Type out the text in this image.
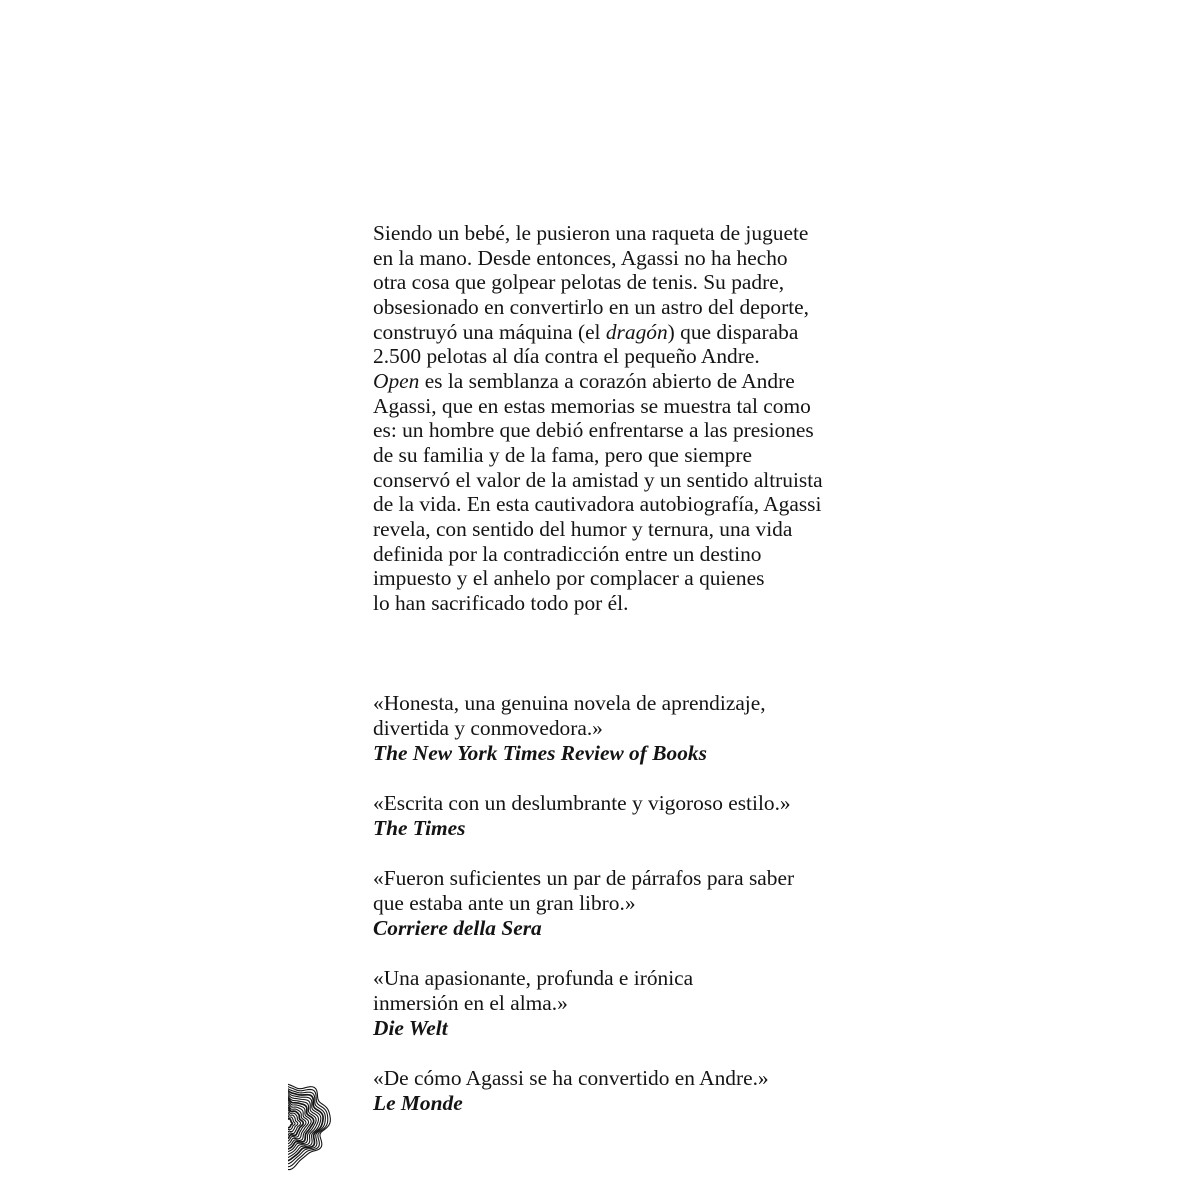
Siendo un bebé, le pusieron una raqueta de juguete
en la mano. Desde entonces, Agassi no ha hecho
otra cosa que golpear pelotas de tenis. Su padre,
obsesionado en convertirlo en un astro del deporte,
construyó una máquina (el dragón) que disparaba
2.500 pelotas al día contra el pequeño Andre.
Open es la semblanza a corazón abierto de Andre
Agassi, que en estas memorias se muestra tal como
es: un hombre que debió enfrentarse a las presiones
de su familia y de la fama, pero que siempre
conservó el valor de la amistad y un sentido altruista
de la vida. En esta cautivadora autobiografía, Agassi
revela, con sentido del humor y ternura, una vida
definida por la contradicción entre un destino
impuesto y el anhelo por complacer a quienes
lo han sacrificado todo por él.
«Honesta, una genuina novela de aprendizaje,
divertida y conmovedora.»
The New York Times Review of Books
«Escrita con un deslumbrante y vigoroso estilo.»
The Times
«Fueron suficientes un par de párrafos para saber
que estaba ante un gran libro.»
Corriere della Sera
«Una apasionante, profunda e irónica
inmersión en el alma.»
Die Welt
«De cómo Agassi se ha convertido en Andre.»
Le Monde
